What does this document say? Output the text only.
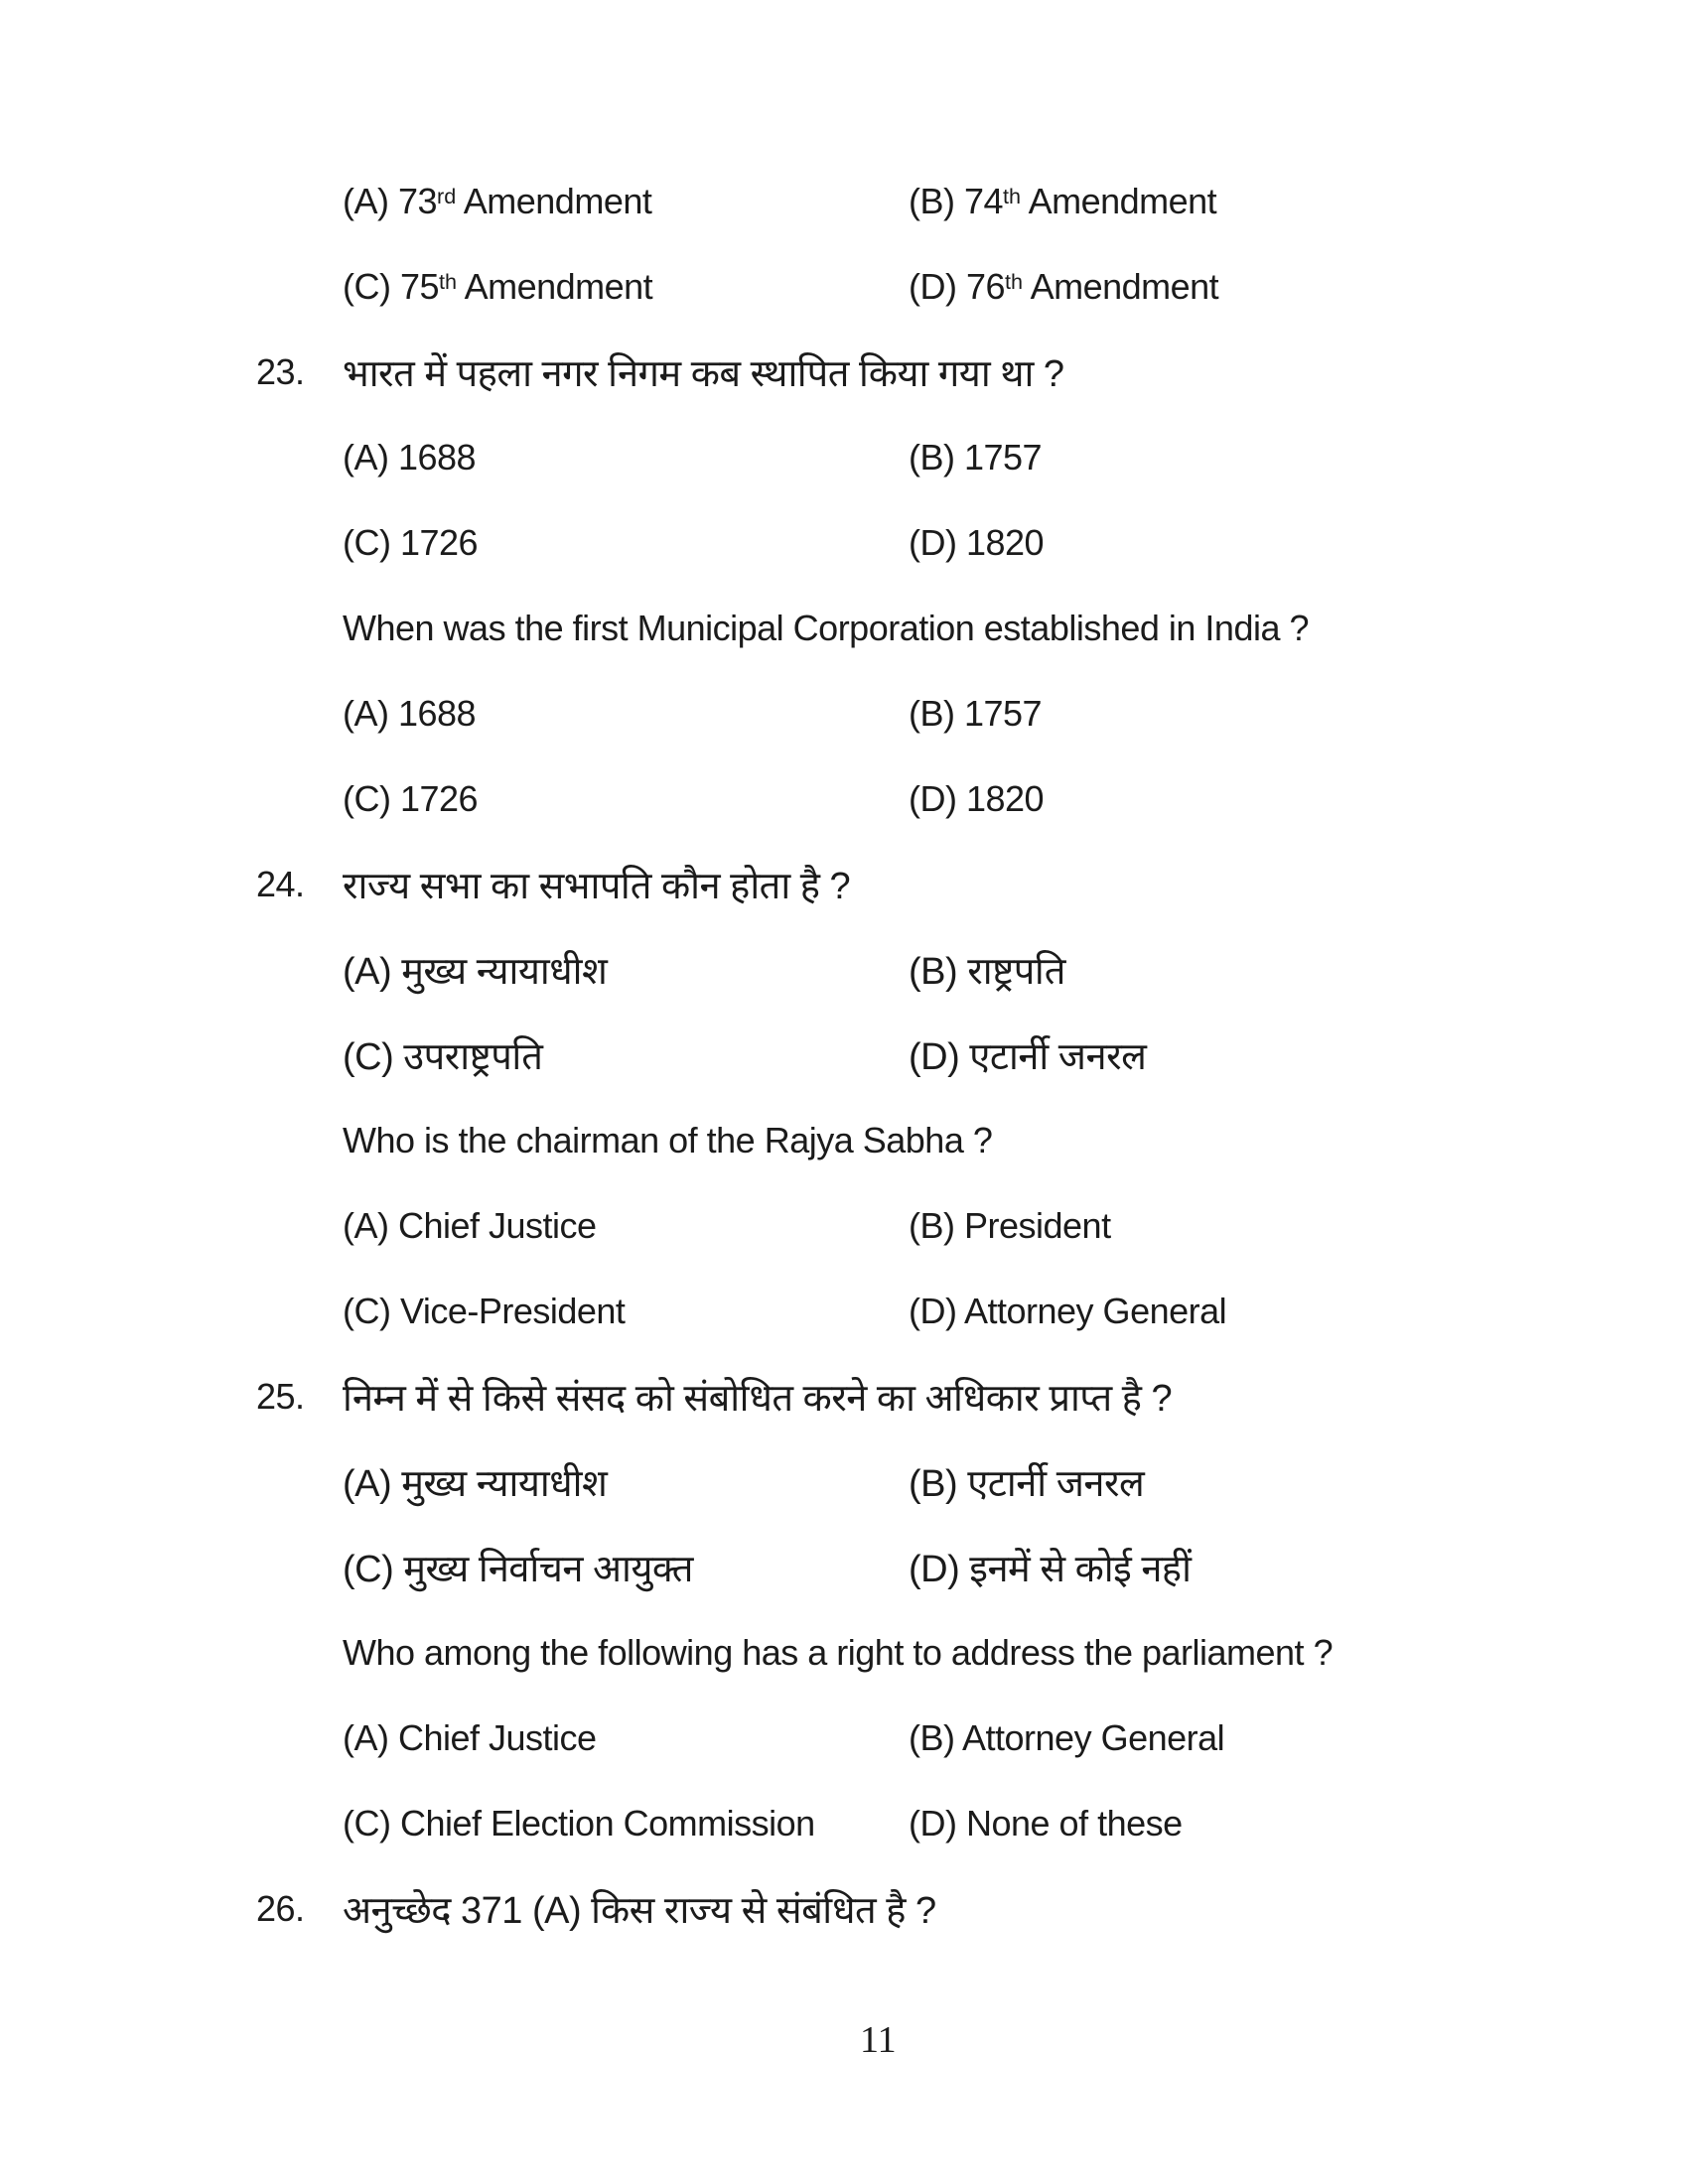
(A) 73rd Amendment	(B) 74th Amendment
(C) 75th Amendment	(D) 76th Amendment
23. भारत में पहला नगर निगम कब स्थापित किया गया था ?
(A) 1688	(B) 1757
(C) 1726	(D) 1820
When was the first Municipal Corporation established in India ?
(A) 1688	(B) 1757
(C) 1726	(D) 1820
24. राज्य सभा का सभापति कौन होता है ?
(A) मुख्य न्यायाधीश	(B) राष्ट्रपति
(C) उपराष्ट्रपति	(D) एटार्नी जनरल
Who is the chairman of the Rajya Sabha ?
(A) Chief Justice	(B) President
(C) Vice-President	(D) Attorney General
25. निम्न में से किसे संसद को संबोधित करने का अधिकार प्राप्त है ?
(A) मुख्य न्यायाधीश	(B) एटार्नी जनरल
(C) मुख्य निर्वाचन आयुक्त	(D) इनमें से कोई नहीं
Who among the following has a right to address the parliament ?
(A) Chief Justice	(B) Attorney General
(C) Chief Election Commission	(D) None of these
26. अनुच्छेद 371 (A) किस राज्य से संबंधित है ?
11
